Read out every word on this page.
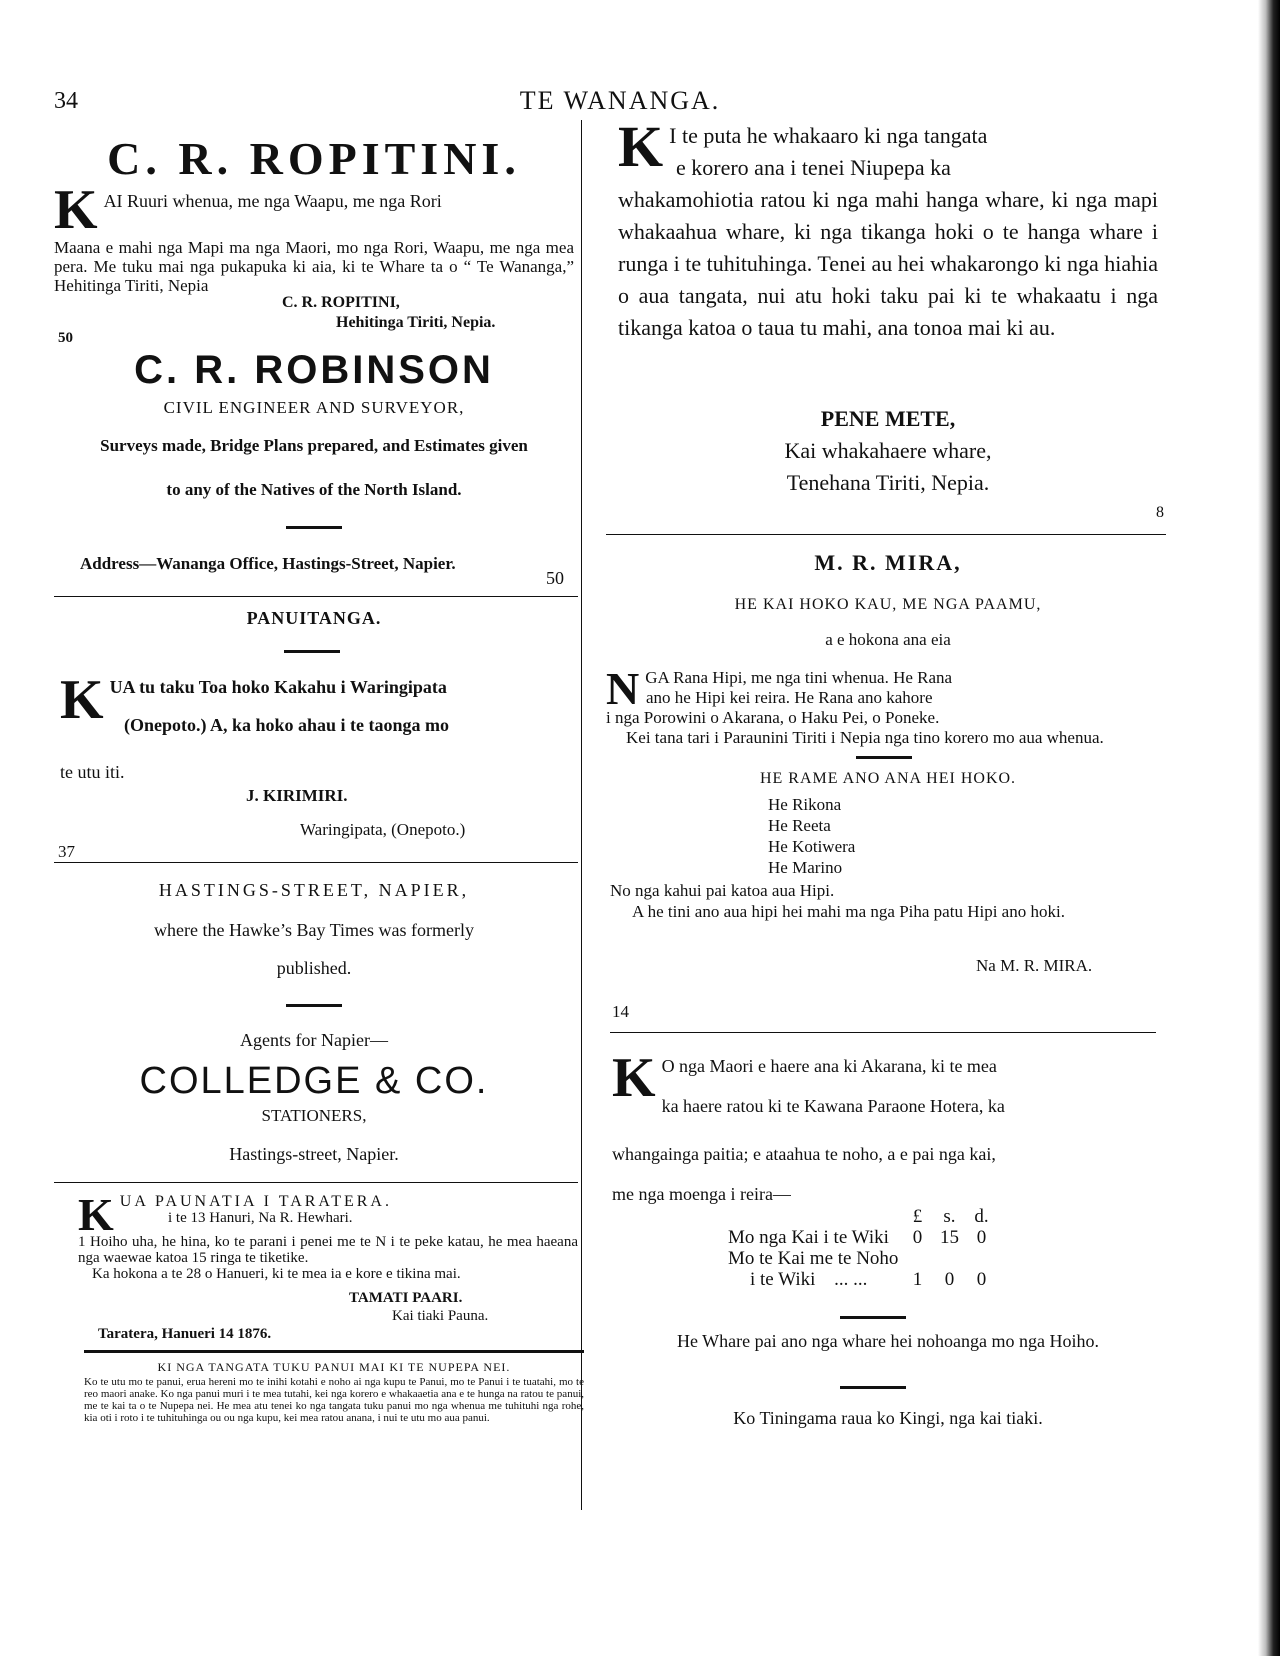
34	TE WANANGA.
C. R. ROPITINI.
K AI Ruuri whenua, me nga Waapu, me nga Rori

Maana e mahi nga Mapi ma nga Maori, mo nga Rori, Waapu, me nga mea pera. Me tuku mai nga pukapuka ki aia, ki te Whare ta o “ Te Wananga,” Hehitinga Tiriti, Nepia

C. R. ROPITINI,
Hehitinga Tiriti, Nepia.
50
C. R. ROBINSON
CIVIL ENGINEER AND SURVEYOR,
Surveys made, Bridge Plans prepared, and Estimates given
to any of the Natives of the North Island.
Address—Wananga Office, Hastings-Street, Napier.
50
PANUITANGA.
K UA tu taku Toa hoko Kakahu i Waringipata

(Onepoto.) A, ka hoko ahau i te taonga mo

te utu iti.
J. KIRIMIRI.
Waringipata, (Onepoto.)
37
HASTINGS-STREET, NAPIER,
where the Hawke’s Bay Times was formerly
published.
Agents for Napier—
COLLEDGE & CO.
STATIONERS,
Hastings-street, Napier.
K UA PAUNATIA I TARATERA.

i te 13 Hanuri, Na R. Hewhari.

1 Hoiho uha, he hina, ko te parani i penei me te N i te peke katau, he mea haeana nga waewae katoa 15 ringa te tiketike.

Ka hokona a te 28 o Hanueri, ki te mea ia e kore e tikina mai.

TAMATI PAARI.
Kai tiaki Pauna.
Taratera, Hanueri 14 1876.
KI NGA TANGATA TUKU PANUI MAI KI TE NUPEPA NEI.
Ko te utu mo te panui, erua hereni mo te inihi kotahi e noho ai nga kupu te Panui, mo te Panui i te tuatahi, mo te reo maori anake. Ko nga panui muri i te mea tutahi, kei nga korero e whakaaetia ana e te hunga na ratou te panui, me te kai ta o te Nupepa nei. He mea atu tenei ko nga tangata tuku panui mo nga whenua me tuhituhi nga rohe, kia oti i roto i te tuhituhinga ou ou nga kupu, kei mea ratou anana, i nui te utu mo aua panui.
K I te puta he whakaaro ki nga tangata

e korero ana i tenei Niupepa ka

whakamohiotia ratou ki nga mahi hanga whare, ki nga mapi whakaahua whare, ki nga tikanga hoki o te hanga whare i runga i te tuhituhinga. Tenei au hei whakarongo ki nga hiahia o aua tangata, nui atu hoki taku pai ki te whakaatu i nga tikanga katoa o taua tu mahi, ana tonoa mai ki au.

PENE METE,
Kai whakahaere whare,
Tenehana Tiriti, Nepia.
8
M. R. MIRA,
HE KAI HOKO KAU, ME NGA PAAMU,
a e hokona ana eia
N GA Rana Hipi, me nga tini whenua. He Rana

ano he Hipi kei reira. He Rana ano kahore

i nga Porowini o Akarana, o Haku Pei, o Poneke.

Kei tana tari i Paraunini Tiriti i Nepia nga tino korero mo aua whenua.

HE RAME ANO ANA HEI HOKO.
He Rikona
He Reeta
He Kotiwera
He Marino

No nga kahui pai katoa aua Hipi.

A he tini ano aua hipi hei mahi ma nga Piha patu Hipi ano hoki.

Na M. R. MIRA.
14
K O nga Maori e haere ana ki Akarana, ki te mea

ka haere ratou ki te Kawana Paraone Hotera, ka

whangainga paitia; e ataahua te noho, a e pai nga kai,
me nga moenga i reira—
	£	s.	d.
Mo nga Kai i te Wiki	0	15	0
Mo te Kai me te Noho			
i te Wiki ... ...	1	0	0
He Whare pai ano nga whare hei nohoanga mo nga Hoiho.
Ko Tiningama raua ko Kingi, nga kai tiaki.
